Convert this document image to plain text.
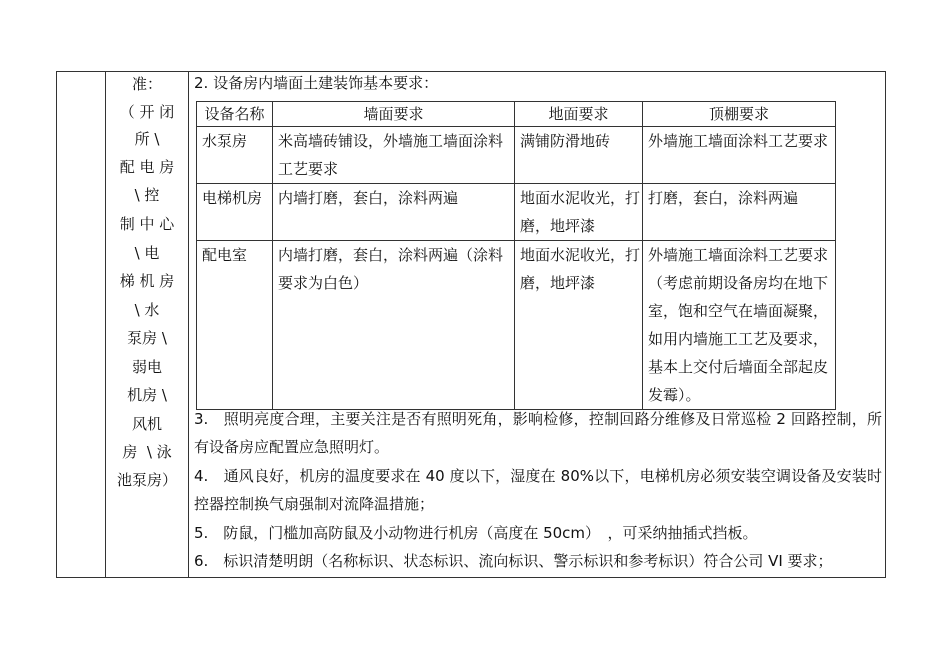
准：
（ 开 闭
所 \
配 电 房
\ 控
制 中 心
\ 电
梯 机 房
\ 水
泵房 \
弱电
机房 \
风机
房  \ 泳
池泵房）
2. 设备房内墙面土建装饰基本要求：
设备名称	墙面要求	地面要求	顶棚要求
水泵房	米高墙砖铺设，外墙施工墙面涂料工艺要求	满铺防滑地砖	外墙施工墙面涂料工艺要求
电梯机房	内墙打磨，套白，涂料两遍	地面水泥收光，打磨，地坪漆	打磨，套白，涂料两遍
配电室	内墙打磨，套白，涂料两遍（涂料要求为白色）	地面水泥收光，打磨，地坪漆	外墙施工墙面涂料工艺要求（考虑前期设备房均在地下室，饱和空气在墙面凝聚，如用内墙施工工艺及要求，基本上交付后墙面全部起皮发霉）。
3.　照明亮度合理，主要关注是否有照明死角，影响检修，控制回路分维修及日常巡检 2 回路控制，所有设备房应配置应急照明灯。
4.　通风良好，机房的温度要求在 40 度以下，湿度在 80%以下，电梯机房必须安装空调设备及安装时控器控制换气扇强制对流降温措施；
5.　防鼠，门槛加高防鼠及小动物进行机房（高度在 50cm）　，可采纳抽插式挡板。
6.　标识清楚明朗（名称标识、状态标识、流向标识、警示标识和参考标识）符合公司 VI 要求；
